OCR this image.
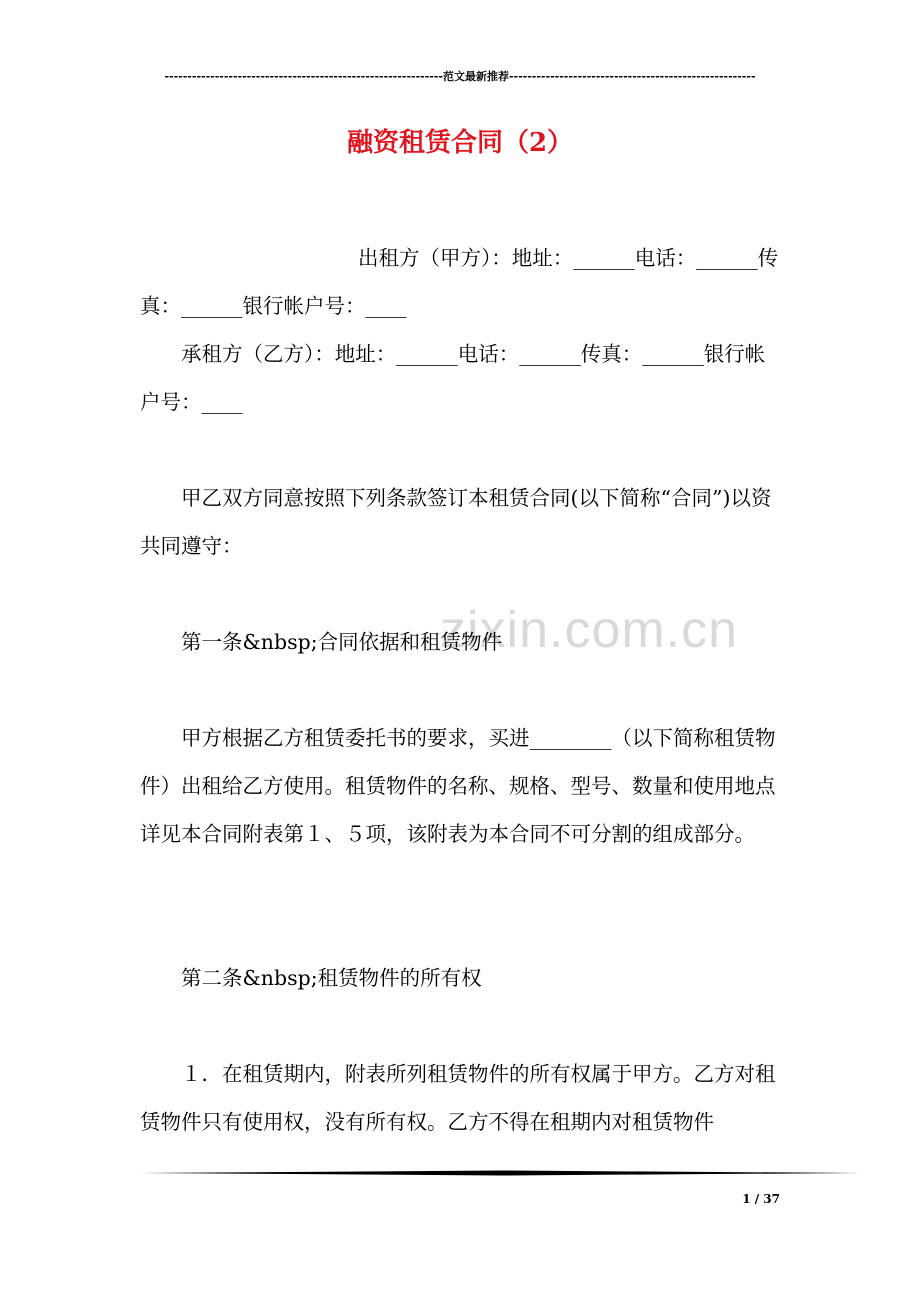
-------------------------------------------------------------范文最新推荐------------------------------------------------------
融资租赁合同（2）
zixin.com.cn

出租方（甲方）：地址：______电话：______传真：______银行帐户号：____

承租方（乙方）：地址：______电话：______传真：______银行帐户号：____

甲乙双方同意按照下列条款签订本租赁合同(以下简称“合同”)以资共同遵守：

第一条&nbsp;合同依据和租赁物件

甲方根据乙方租赁委托书的要求，买进________（以下简称租赁物件）出租给乙方使用。租赁物件的名称、规格、型号、数量和使用地点详见本合同附表第１、５项，该附表为本合同不可分割的组成部分。

第二条&nbsp;租赁物件的所有权

１．在租赁期内，附表所列租赁物件的所有权属于甲方。乙方对租赁物件只有使用权，没有所有权。乙方不得在租期内对租赁物件

1 / 37
